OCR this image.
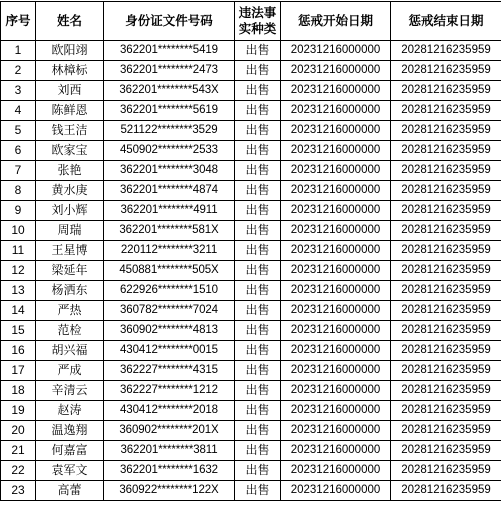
序号	姓名	身份证文件号码	违法事实种类	惩戒开始日期	惩戒结束日期
1	欧阳翊	362201********5419	出售	20231216000000	20281216235959
2	林樟标	362201********2473	出售	20231216000000	20281216235959
3	刘西	362201********543X	出售	20231216000000	20281216235959
4	陈鲜恩	362201********5619	出售	20231216000000	20281216235959
5	钱王洁	521122********3529	出售	20231216000000	20281216235959
6	欧家宝	450902********2533	出售	20231216000000	20281216235959
7	张艳	362201********3048	出售	20231216000000	20281216235959
8	黄水庚	362201********4874	出售	20231216000000	20281216235959
9	刘小辉	362201********4911	出售	20231216000000	20281216235959
10	周瑞	362201********581X	出售	20231216000000	20281216235959
11	王星博	220112********3211	出售	20231216000000	20281216235959
12	梁延年	450881********505X	出售	20231216000000	20281216235959
13	杨洒东	622926********1510	出售	20231216000000	20281216235959
14	严热	360782********7024	出售	20231216000000	20281216235959
15	范检	360902********4813	出售	20231216000000	20281216235959
16	胡兴福	430412********0015	出售	20231216000000	20281216235959
17	严成	362227********4315	出售	20231216000000	20281216235959
18	辛清云	362227********1212	出售	20231216000000	20281216235959
19	赵涛	430412********2018	出售	20231216000000	20281216235959
20	温逸翔	360902********201X	出售	20231216000000	20281216235959
21	何嘉富	362201********3811	出售	20231216000000	20281216235959
22	袁军文	362201********1632	出售	20231216000000	20281216235959
23	高蕾	360922********122X	出售	20231216000000	20281216235959
